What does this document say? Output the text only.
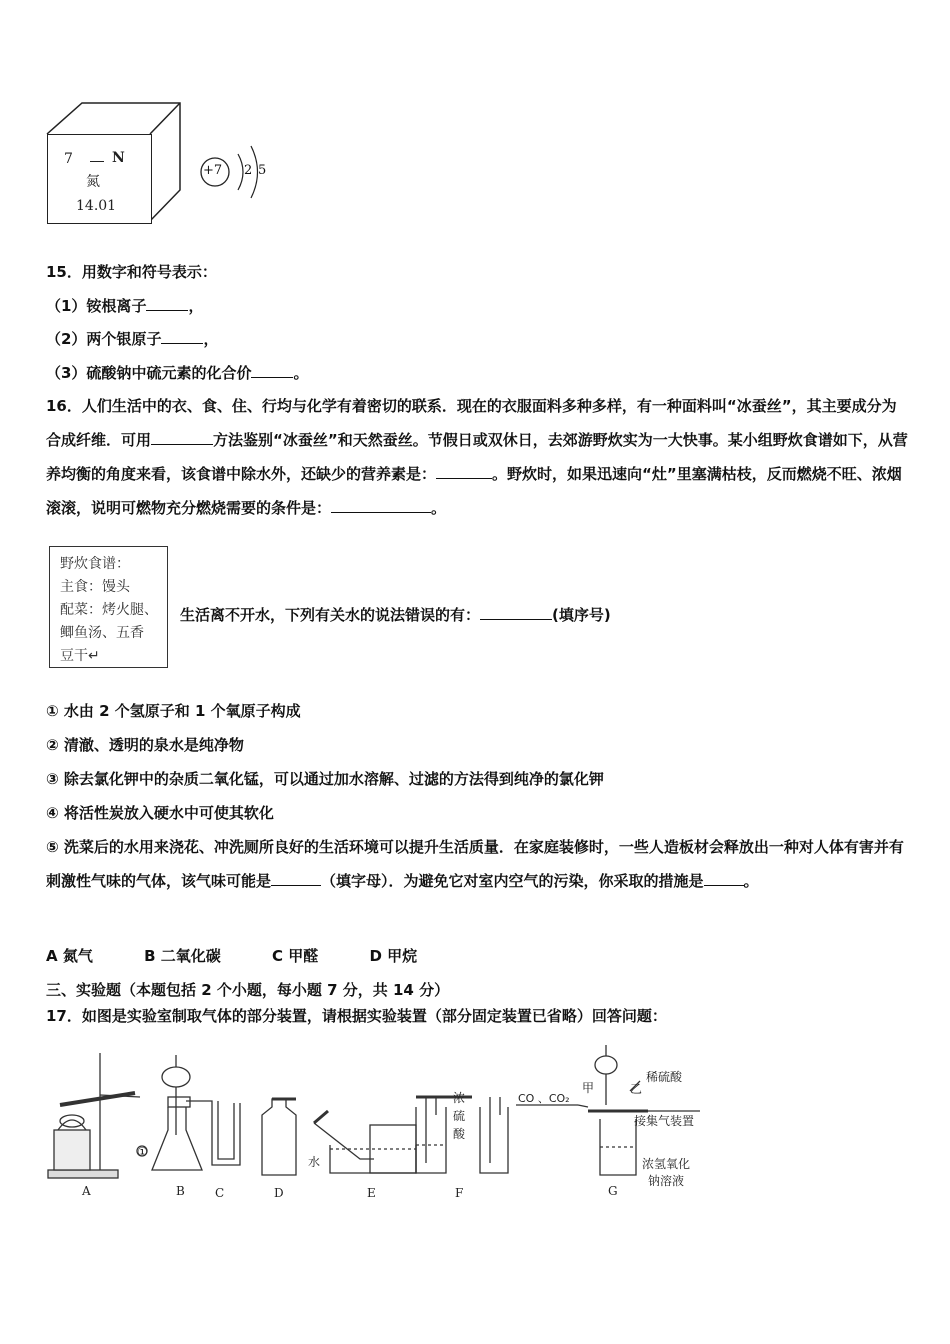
7	N
氮
14.01
+7 2 5
15．用数字和符号表示：
（1）铵根离子	，
（2）两个银原子	，
（3）硫酸钠中硫元素的化合价	。
16．人们生活中的衣、食、住、行均与化学有着密切的联系．现在的衣服面料多种多样，有一种面料叫“冰蚕丝”，其主要成分为合成纤维．可用	方法鉴别“冰蚕丝”和天然蚕丝。节假日或双休日，去郊游野炊实为一大快事。某小组野炊食谱如下，从营养均衡的角度来看，该食谱中除水外，还缺少的营养素是：	。野炊时，如果迅速向“灶”里塞满枯枝，反而燃烧不旺、浓烟滚滚，说明可燃物充分燃烧需要的条件是：	。
野炊食谱：
主食：馒头
配菜：烤火腿、
鲫鱼汤、五香
豆干↵
生活离不开水，下列有关水的说法错误的有：	(填序号)
① 水由 2 个氢原子和 1 个氧原子构成
② 清澈、透明的泉水是纯净物
③ 除去氯化钾中的杂质二氧化锰，可以通过加水溶解、过滤的方法得到纯净的氯化钾
④ 将活性炭放入硬水中可使其软化
⑤ 洗菜后的水用来浇花、冲洗厕所良好的生活环境可以提升生活质量．在家庭装修时，一些人造板材会释放出一种对人体有害并有刺激性气味的气体，该气味可能是	（填字母）．为避免它对室内空气的污染，你采取的措施是	。
A 氮气	B 二氧化碳	C 甲醛	D 甲烷
三、实验题（本题包括 2 个小题，每小题 7 分，共 14 分）
17．如图是实验室制取气体的部分装置，请根据实验装置（部分固定装置已省略）回答问题：
A	B	C	D	E	F	G
①
水
浓
硫
酸
CO 、CO₂
甲	乙
稀硫酸
接集气装置
浓氢氧化
钠溶液
